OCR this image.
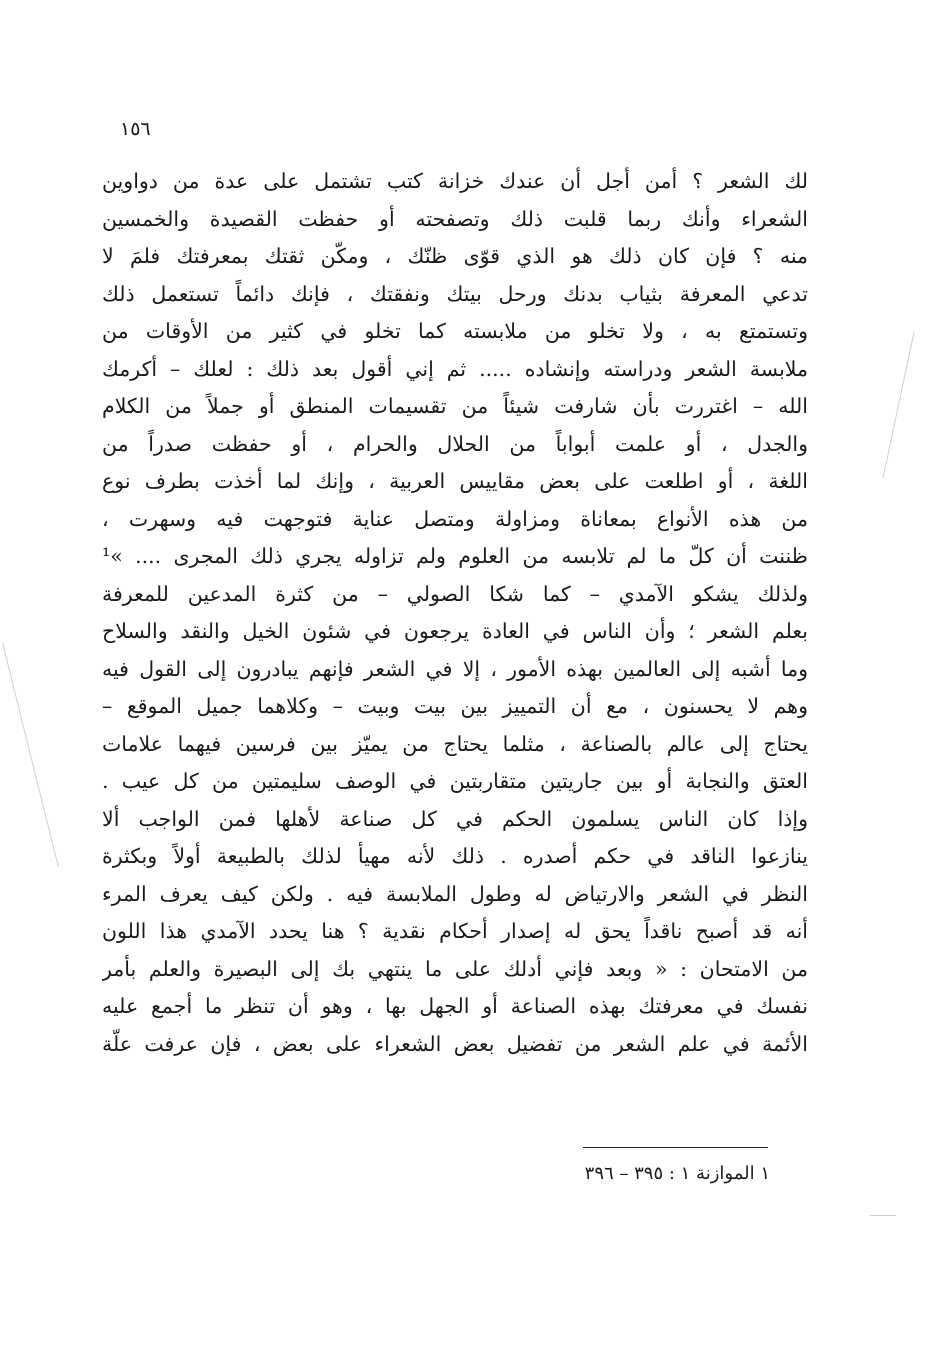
١٥٦
لك الشعر ؟ أمن أجل أن عندك خزانة كتب تشتمل على عدة من دواوين
الشعراء وأنك ربما قلبت ذلك وتصفحته أو حفظت القصيدة والخمسين
منه ؟ فإن كان ذلك هو الذي قوّى ظنّك ، ومكّن ثقتك بمعرفتك فلمَ لا
تدعي المعرفة بثياب بدنك ورحل بيتك ونفقتك ، فإنك دائماً تستعمل ذلك
وتستمتع به ، ولا تخلو من ملابسته كما تخلو في كثير من الأوقات من
ملابسة الشعر ودراسته وإنشاده ..... ثم إني أقول بعد ذلك : لعلك – أكرمك
الله – اغتررت بأن شارفت شيئاً من تقسيمات المنطق أو جملاً من الكلام
والجدل ، أو علمت أبواباً من الحلال والحرام ، أو حفظت صدراً من
اللغة ، أو اطلعت على بعض مقاييس العربية ، وإنك لما أخذت بطرف نوع
من هذه الأنواع بمعاناة ومزاولة ومتصل عناية فتوجهت فيه وسهرت ،
ظننت أن كلّ ما لم تلابسه من العلوم ولم تزاوله يجري ذلك المجرى .... »¹
ولذلك يشكو الآمدي – كما شكا الصولي – من كثرة المدعين للمعرفة
بعلم الشعر ؛ وأن الناس في العادة يرجعون في شئون الخيل والنقد والسلاح
وما أشبه إلى العالمين بهذه الأمور ، إلا في الشعر فإنهم يبادرون إلى القول فيه
وهم لا يحسنون ، مع أن التمييز بين بيت وبيت – وكلاهما جميل الموقع –
يحتاج إلى عالم بالصناعة ، مثلما يحتاج من يميّز بين فرسين فيهما علامات
العتق والنجابة أو بين جاريتين متقاربتين في الوصف سليمتين من كل عيب .
وإذا كان الناس يسلمون الحكم في كل صناعة لأهلها فمن الواجب ألا
ينازعوا الناقد في حكم أصدره . ذلك لأنه مهيأ لذلك بالطبيعة أولاً وبكثرة
النظر في الشعر والارتياض له وطول الملابسة فيه . ولكن كيف يعرف المرء
أنه قد أصبح ناقداً يحق له إصدار أحكام نقدية ؟ هنا يحدد الآمدي هذا اللون
من الامتحان : « وبعد فإني أدلك على ما ينتهي بك إلى البصيرة والعلم بأمر
نفسك في معرفتك بهذه الصناعة أو الجهل بها ، وهو أن تنظر ما أجمع عليه
الأئمة في علم الشعر من تفضيل بعض الشعراء على بعض ، فإن عرفت علّة
١ الموازنة ١ : ٣٩٥ – ٣٩٦
